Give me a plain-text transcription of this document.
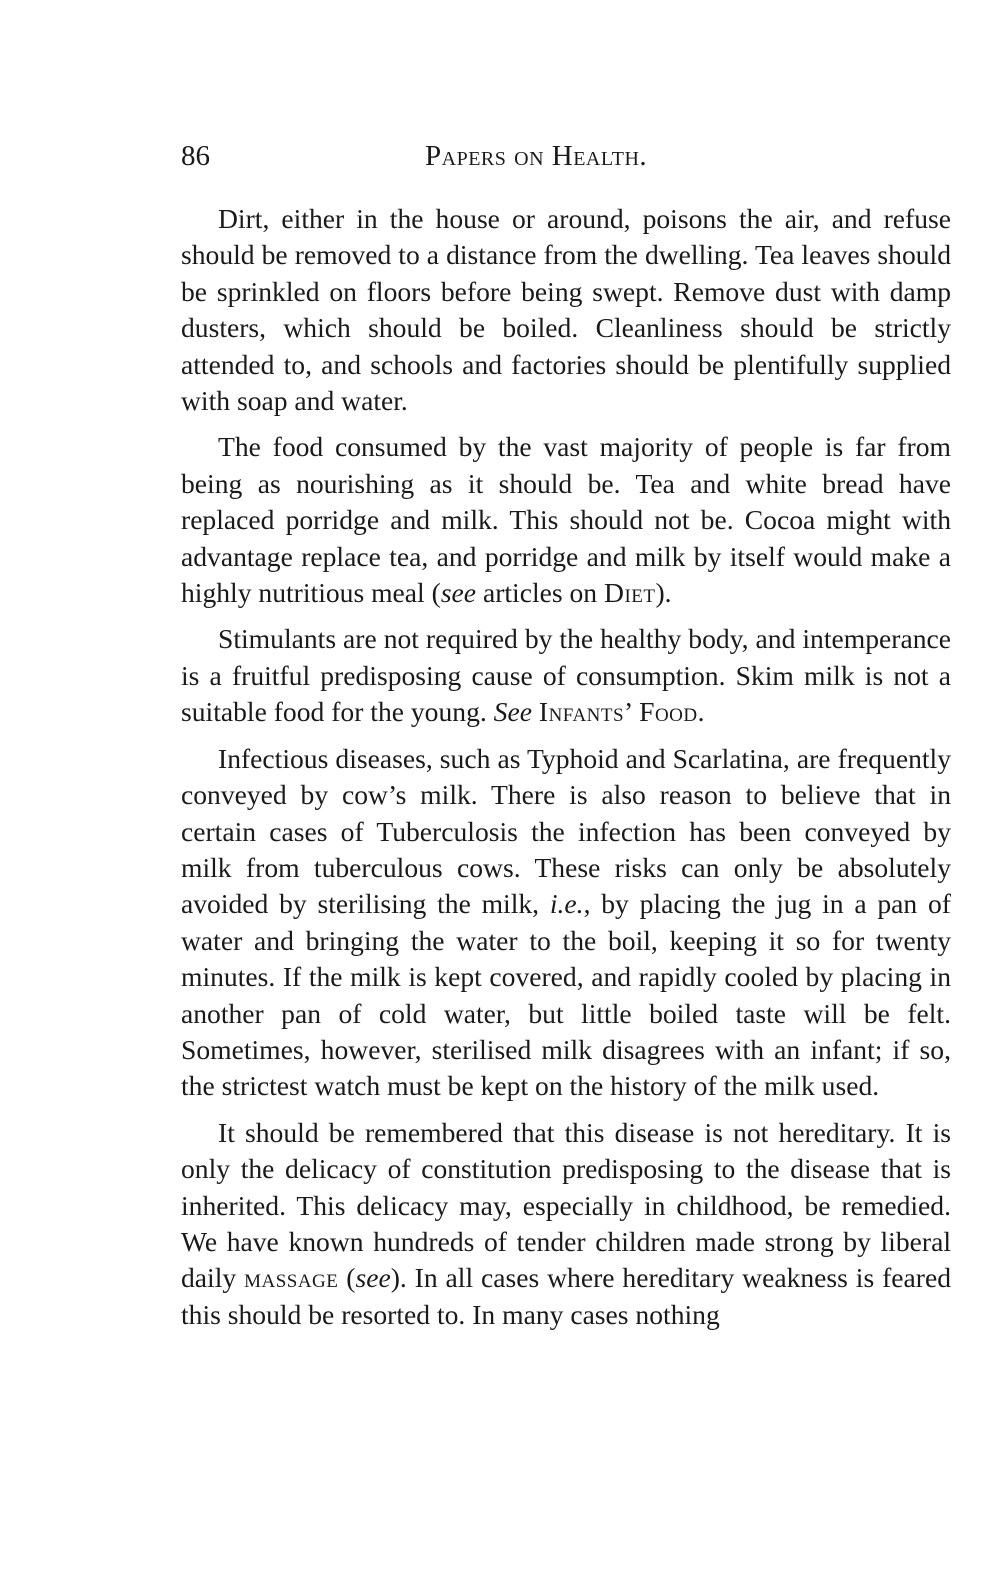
86	Papers on Health.

Dirt, either in the house or around, poisons the air, and refuse should be removed to a distance from the dwelling. Tea leaves should be sprinkled on floors before being swept. Remove dust with damp dusters, which should be boiled. Cleanliness should be strictly attended to, and schools and factories should be plentifully supplied with soap and water.

The food consumed by the vast majority of people is far from being as nourishing as it should be. Tea and white bread have replaced porridge and milk. This should not be. Cocoa might with advantage replace tea, and porridge and milk by itself would make a highly nutritious meal (see articles on Diet).

Stimulants are not required by the healthy body, and intemperance is a fruitful predisposing cause of consumption. Skim milk is not a suitable food for the young. See Infants’ Food.

Infectious diseases, such as Typhoid and Scarlatina, are frequently conveyed by cow’s milk. There is also reason to believe that in certain cases of Tuberculosis the infection has been conveyed by milk from tuberculous cows. These risks can only be absolutely avoided by sterilising the milk, i.e., by placing the jug in a pan of water and bringing the water to the boil, keeping it so for twenty minutes. If the milk is kept covered, and rapidly cooled by placing in another pan of cold water, but little boiled taste will be felt. Sometimes, however, sterilised milk disagrees with an infant; if so, the strictest watch must be kept on the history of the milk used.

It should be remembered that this disease is not hereditary. It is only the delicacy of constitution predisposing to the disease that is inherited. This delicacy may, especially in childhood, be remedied. We have known hundreds of tender children made strong by liberal daily massage (see). In all cases where hereditary weakness is feared this should be resorted to. In many cases nothing
